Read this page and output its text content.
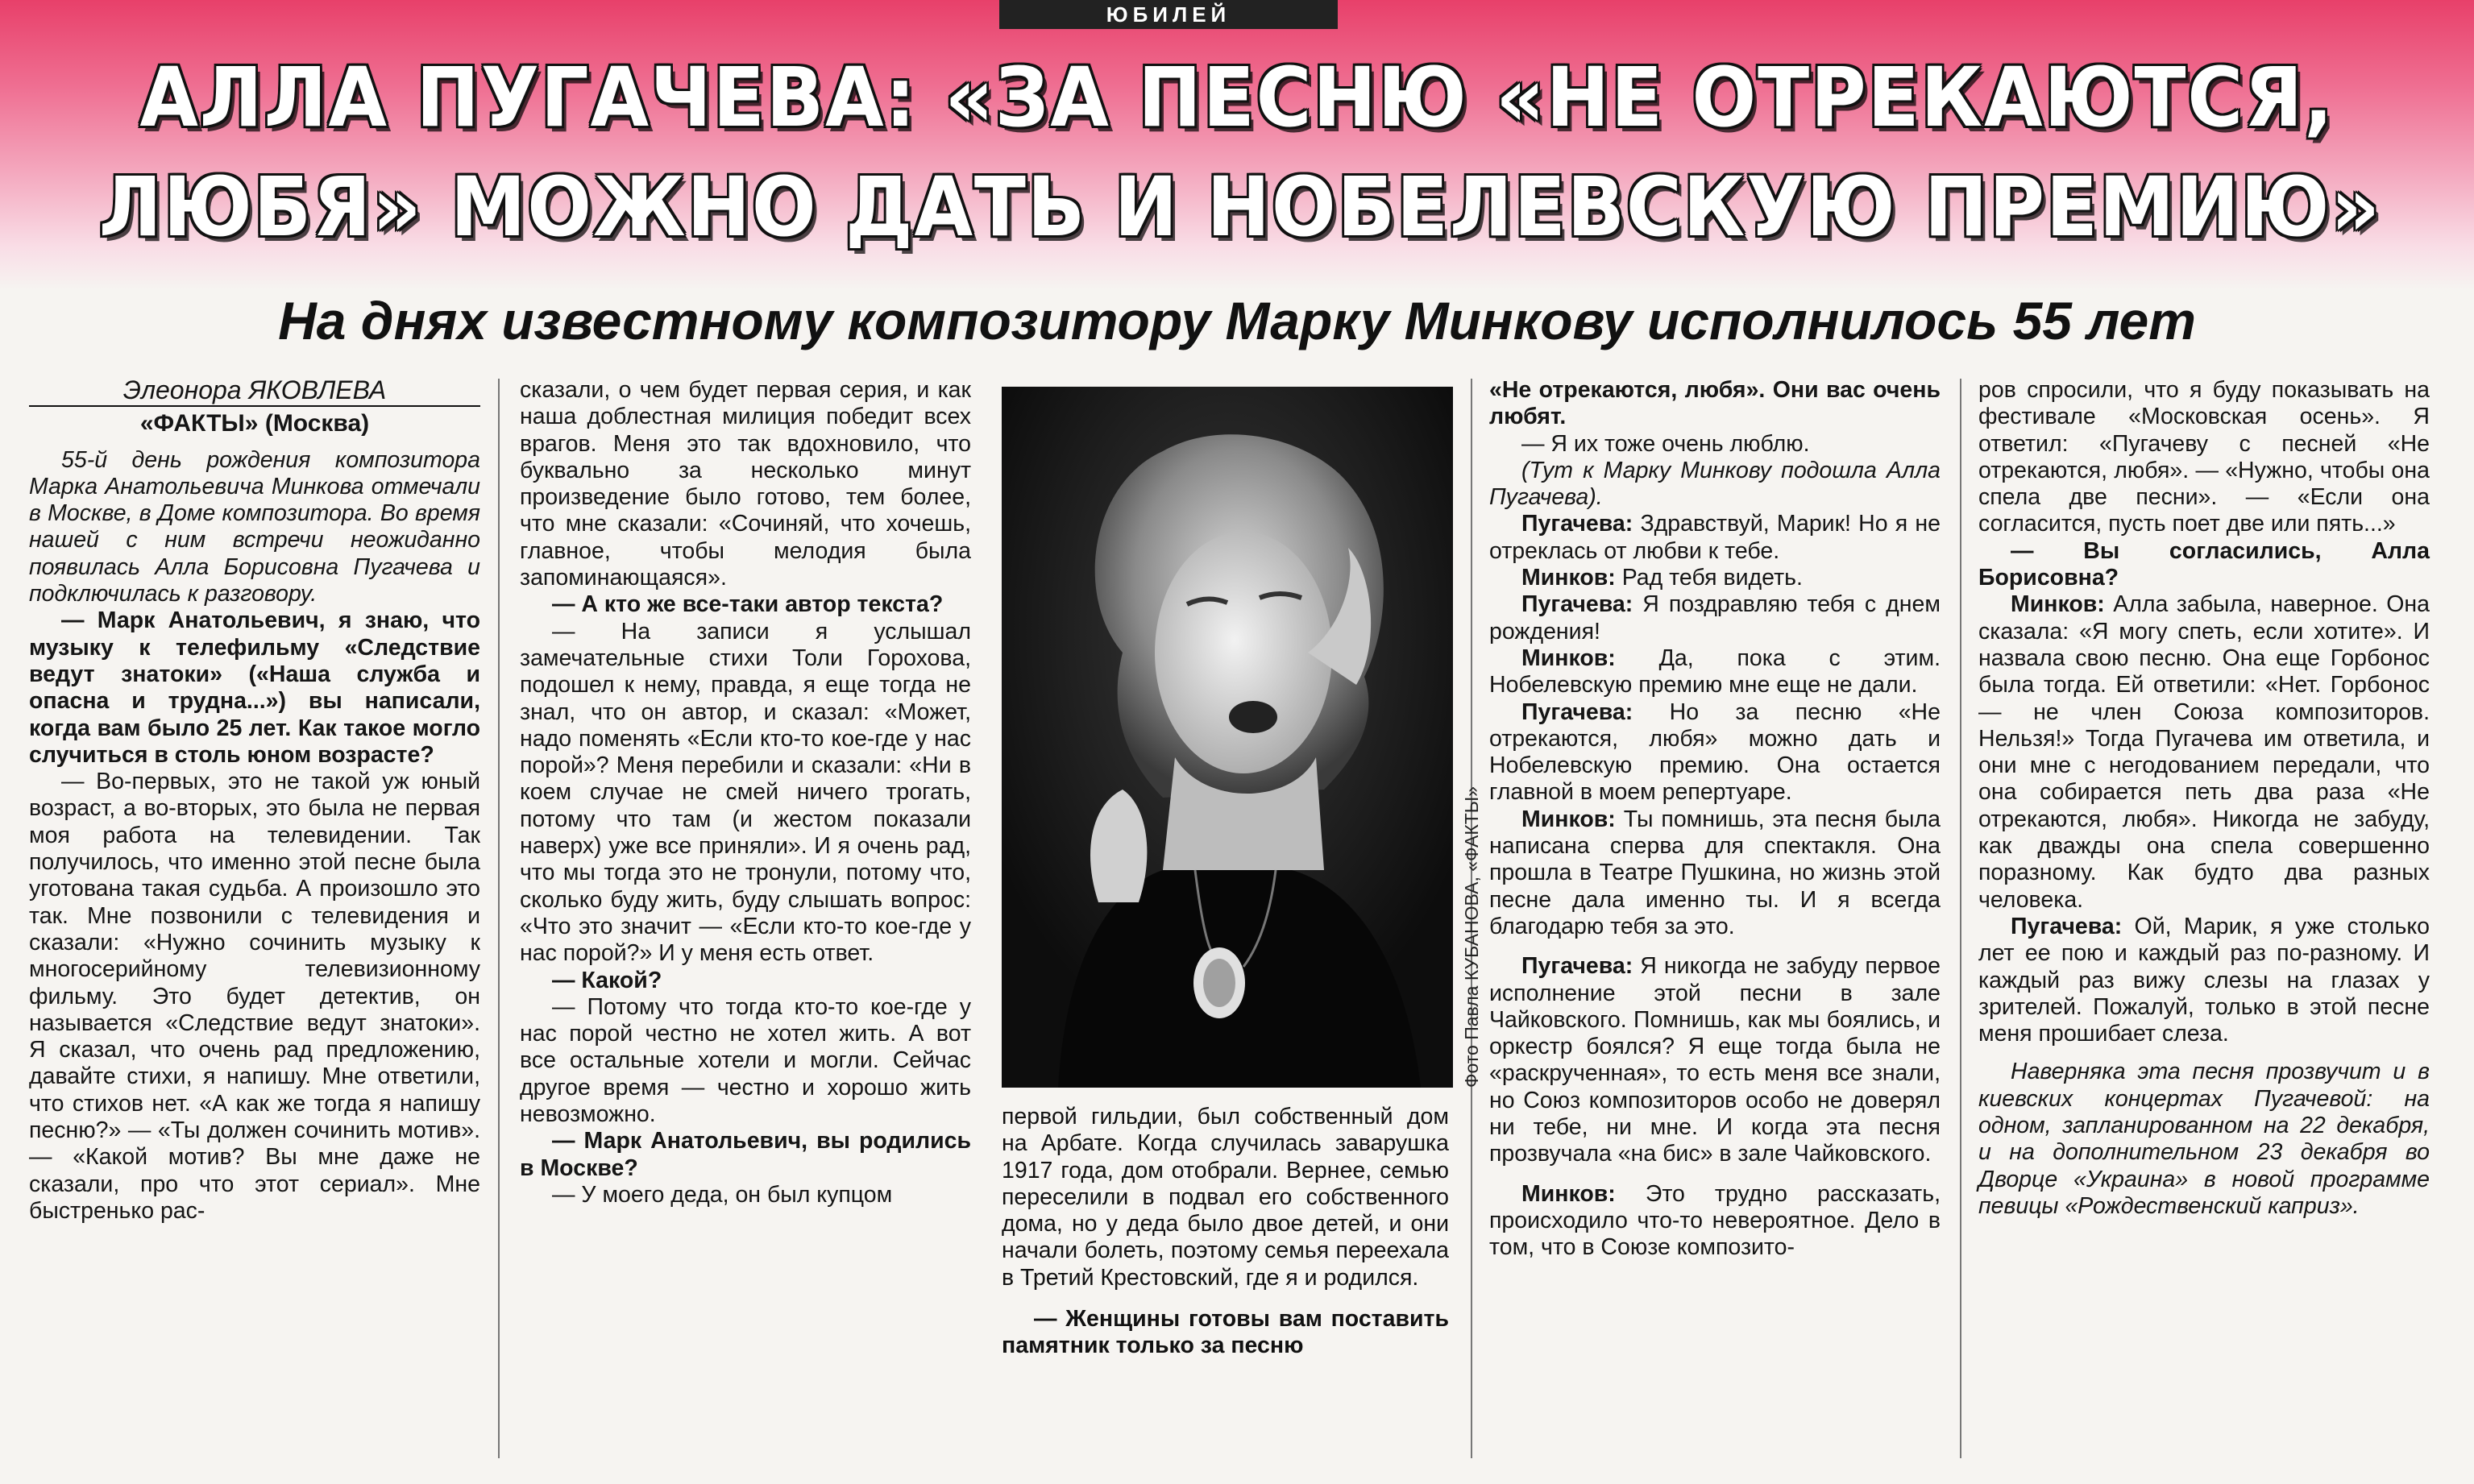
ЮБИЛЕЙ
АЛЛА ПУГАЧЕВА: «ЗА ПЕСНЮ «НЕ ОТРЕКАЮТСЯ,
ЛЮБЯ» МОЖНО ДАТЬ И НОБЕЛЕВСКУЮ ПРЕМИЮ»
На днях известному композитору Марку Минкову исполнилось 55 лет

Элеонора ЯКОВЛЕВА

«ФАКТЫ» (Москва)

55-й день рождения композитора Марка Анатольевича Минкова отмечали в Москве, в Доме композитора. Во время нашей с ним встречи неожиданно появилась Алла Борисовна Пугачева и подключилась к разговору.

— Марк Анатольевич, я знаю, что музыку к телефильму «Следствие ведут знатоки» («Наша служба и опасна и трудна...») вы написали, когда вам было 25 лет. Как такое могло случиться в столь юном возрасте?

— Во-первых, это не такой уж юный возраст, а во-вторых, это была не первая моя работа на телевидении. Так получилось, что именно этой песне была уготована такая судьба. А произошло это так. Мне позвонили с телевидения и сказали: «Нужно сочинить музыку к многосерийному телевизионному фильму. Это будет детектив, он называется «Следствие ведут знатоки». Я сказал, что очень рад предложению, давайте стихи, я напишу. Мне ответили, что стихов нет. «А как же тогда я напишу песню?» — «Ты должен сочинить мотив». — «Какой мотив? Вы мне даже не сказали, про что этот сериал». Мне быстренько рас-

сказали, о чем будет первая серия, и как наша доблестная милиция победит всех врагов. Меня это так вдохновило, что буквально за несколько минут произведение было готово, тем более, что мне сказали: «Сочиняй, что хочешь, главное, чтобы мелодия была запоминающаяся».

— А кто же все-таки автор текста?

— На записи я услышал замечательные стихи Толи Горохова, подошел к нему, правда, я еще тогда не знал, что он автор, и сказал: «Может, надо поменять «Если кто-то кое-где у нас порой»? Меня перебили и сказали: «Ни в коем случае не смей ничего трогать, потому что там (и жестом показали наверх) уже все приняли». И я очень рад, что мы тогда это не тронули, потому что, сколько буду жить, буду слышать вопрос: «Что это значит — «Если кто-то кое-где у нас порой?» И у меня есть ответ.

— Какой?

— Потому что тогда кто-то кое-где у нас порой честно не хотел жить. А вот все остальные хотели и могли. Сейчас другое время — честно и хорошо жить невозможно.

— Марк Анатольевич, вы родились в Москве?

— У моего деда, он был купцом

Фото Павла КУБАНОВА, «ФАКТЫ»

первой гильдии, был собственный дом на Арбате. Когда случилась заварушка 1917 года, дом отобрали. Вернее, семью переселили в подвал его собственного дома, но у деда было двое детей, и они начали болеть, поэтому семья переехала в Третий Крестовский, где я и родился.

— Женщины готовы вам поставить памятник только за песню

«Не отрекаются, любя». Они вас очень любят.

— Я их тоже очень люблю.

(Тут к Марку Минкову подошла Алла Пугачева).

Пугачева: Здравствуй, Марик! Но я не отреклась от любви к тебе.

Минков: Рад тебя видеть.

Пугачева: Я поздравляю тебя с днем рождения!

Минков: Да, пока с этим. Нобелевскую премию мне еще не дали.

Пугачева: Но за песню «Не отрекаются, любя» можно дать и Нобелевскую премию. Она остается главной в моем репертуаре.

Минков: Ты помнишь, эта песня была написана сперва для спектакля. Она прошла в Театре Пушкина, но жизнь этой песне дала именно ты. И я всегда благодарю тебя за это.

Пугачева: Я никогда не забуду первое исполнение этой песни в зале Чайковского. Помнишь, как мы боялись, и оркестр боялся? Я еще тогда была не «раскрученная», то есть меня все знали, но Союз композиторов особо не доверял ни тебе, ни мне. И когда эта песня прозвучала «на бис» в зале Чайковского.

Минков: Это трудно рассказать, происходило что-то невероятное. Дело в том, что в Союзе композито-

ров спросили, что я буду показывать на фестивале «Московская осень». Я ответил: «Пугачеву с песней «Не отрекаются, любя». — «Нужно, чтобы она спела две песни». — «Если она согласится, пусть поет две или пять...»

— Вы согласились, Алла Борисовна?

Минков: Алла забыла, наверное. Она сказала: «Я могу спеть, если хотите». И назвала свою песню. Она еще Горбонос была тогда. Ей ответили: «Нет. Горбонос — не член Союза композиторов. Нельзя!» Тогда Пугачева им ответила, и они мне с негодованием передали, что она собирается петь два раза «Не отрекаются, любя». Никогда не забуду, как дважды она спела совершенно поразному. Как будто два разных человека.

Пугачева: Ой, Марик, я уже столько лет ее пою и каждый раз по-разному. И каждый раз вижу слезы на глазах у зрителей. Пожалуй, только в этой песне меня прошибает слеза.

Наверняка эта песня прозвучит и в киевских концертах Пугачевой: на одном, запланированном на 22 декабря, и на дополнительном 23 декабря во Дворце «Украина» в новой программе певицы «Рождественский каприз».
